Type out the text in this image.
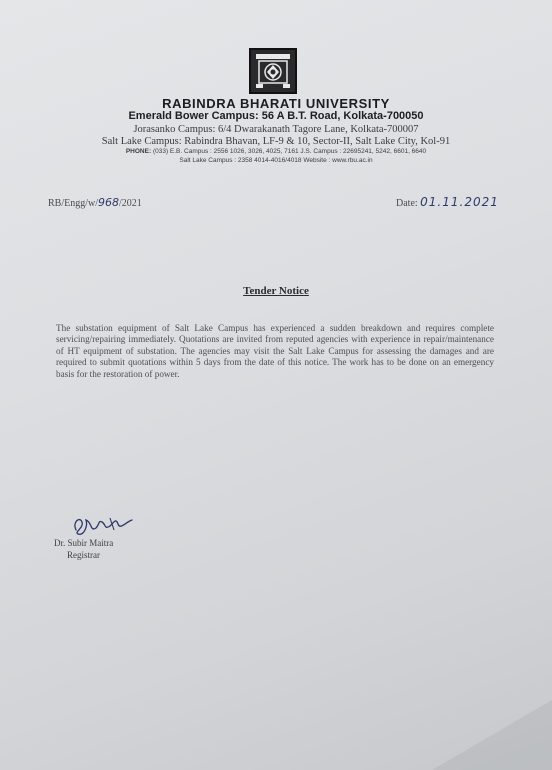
RABINDRA BHARATI UNIVERSITY
Emerald Bower Campus: 56 A B.T. Road, Kolkata-700050
Jorasanko Campus: 6/4 Dwarakanath Tagore Lane, Kolkata-700007
Salt Lake Campus: Rabindra Bhavan, LF-9 & 10, Sector-II, Salt Lake City, Kol-91
PHONE: (033) E.B. Campus : 2556 1026, 3026, 4025, 7161 J.S. Campus : 22695241, 5242, 6601, 6640
Salt Lake Campus : 2358 4014-4016/4018 Website : www.rbu.ac.in
RB/Engg/w/968/2021	Date: 01.11.2021
Tender Notice
The substation equipment of Salt Lake Campus has experienced a sudden breakdown and requires complete servicing/repairing immediately. Quotations are invited from reputed agencies with experience in repair/maintenance of HT equipment of substation. The agencies may visit the Salt Lake Campus for assessing the damages and are required to submit quotations within 5 days from the date of this notice. The work has to be done on an emergency basis for the restoration of power.
Dr. Subir Maitra
Registrar
